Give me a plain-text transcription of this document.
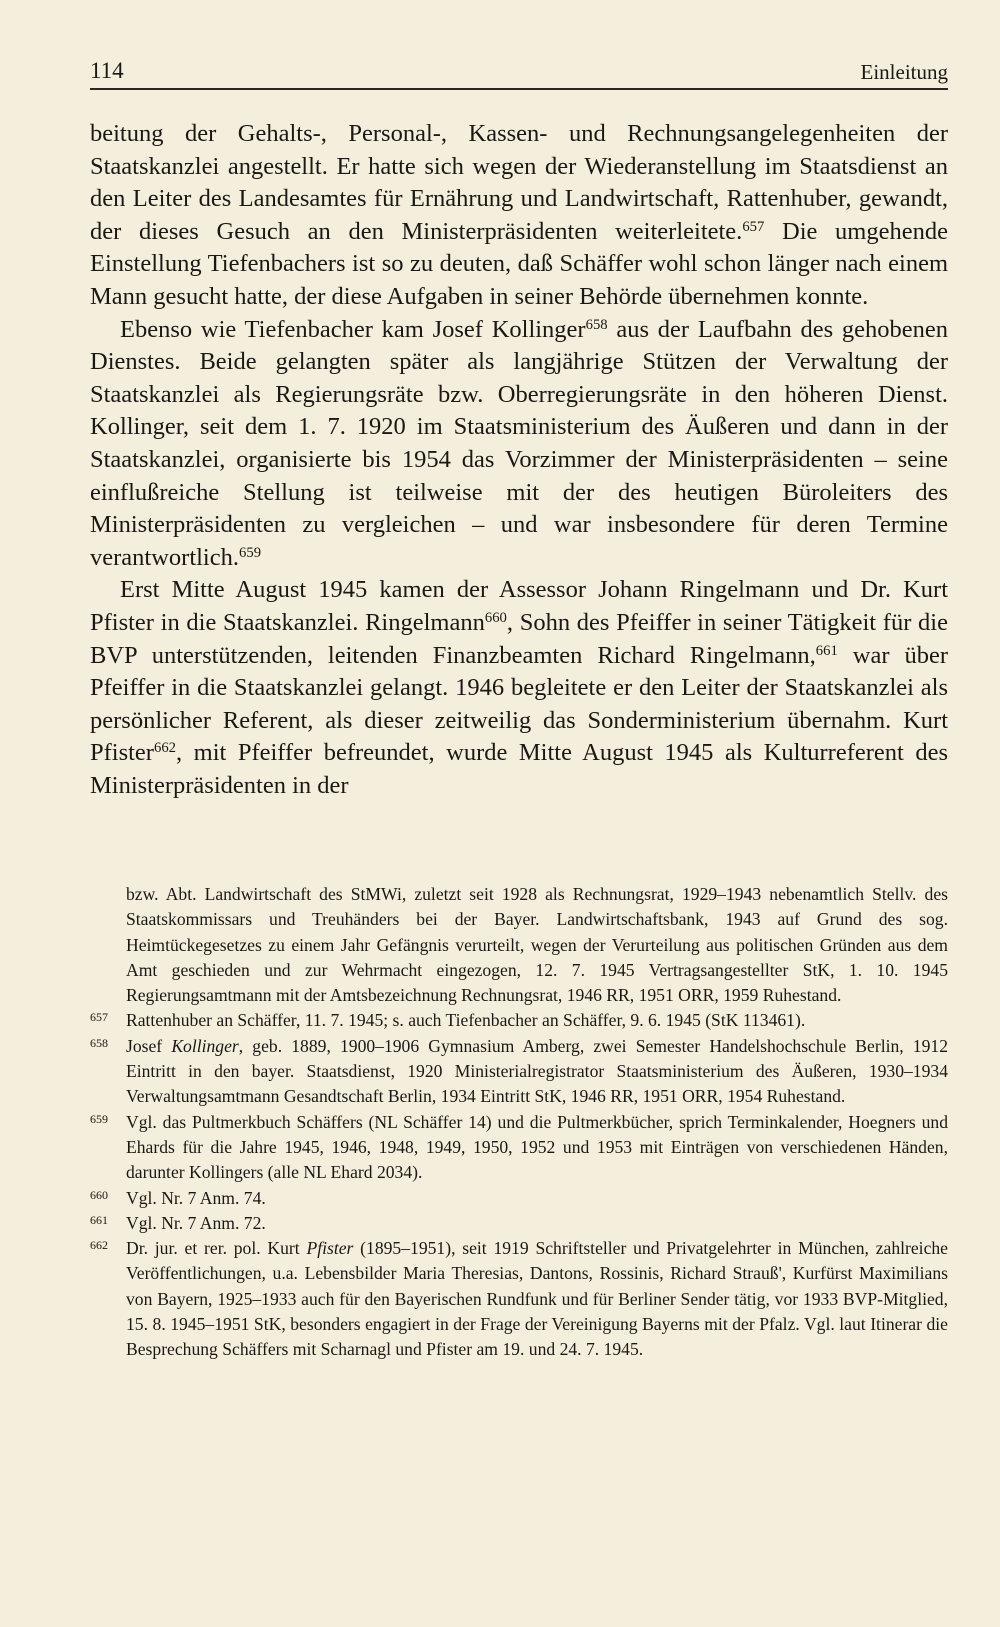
114	Einleitung

beitung der Gehalts-, Personal-, Kassen- und Rechnungsangelegenheiten der Staatskanzlei angestellt. Er hatte sich wegen der Wiederanstellung im Staatsdienst an den Leiter des Landesamtes für Ernährung und Landwirtschaft, Rattenhuber, gewandt, der dieses Gesuch an den Ministerpräsidenten weiterleitete.$^{657}$ Die umgehende Einstellung Tiefenbachers ist so zu deuten, daß Schäffer wohl schon länger nach einem Mann gesucht hatte, der diese Aufgaben in seiner Behörde übernehmen konnte.

Ebenso wie Tiefenbacher kam Josef Kollinger$^{658}$ aus der Laufbahn des gehobenen Dienstes. Beide gelangten später als langjährige Stützen der Verwaltung der Staatskanzlei als Regierungsräte bzw. Oberregierungsräte in den höheren Dienst. Kollinger, seit dem 1. 7. 1920 im Staatsministerium des Äußeren und dann in der Staatskanzlei, organisierte bis 1954 das Vorzimmer der Ministerpräsidenten – seine einflußreiche Stellung ist teilweise mit der des heutigen Büroleiters des Ministerpräsidenten zu vergleichen – und war insbesondere für deren Termine verantwortlich.$^{659}$

Erst Mitte August 1945 kamen der Assessor Johann Ringelmann und Dr. Kurt Pfister in die Staatskanzlei. Ringelmann$^{660}$, Sohn des Pfeiffer in seiner Tätigkeit für die BVP unterstützenden, leitenden Finanzbeamten Richard Ringelmann,$^{661}$ war über Pfeiffer in die Staatskanzlei gelangt. 1946 begleitete er den Leiter der Staatskanzlei als persönlicher Referent, als dieser zeitweilig das Sonderministerium übernahm. Kurt Pfister$^{662}$, mit Pfeiffer befreundet, wurde Mitte August 1945 als Kulturreferent des Ministerpräsidenten in der

bzw. Abt. Landwirtschaft des StMWi, zuletzt seit 1928 als Rechnungsrat, 1929–1943 nebenamtlich Stellv. des Staatskommissars und Treuhänders bei der Bayer. Landwirtschaftsbank, 1943 auf Grund des sog. Heimtückegesetzes zu einem Jahr Gefängnis verurteilt, wegen der Verurteilung aus politischen Gründen aus dem Amt geschieden und zur Wehrmacht eingezogen, 12. 7. 1945 Vertragsangestellter StK, 1. 10. 1945 Regierungsamtmann mit der Amtsbezeichnung Rechnungsrat, 1946 RR, 1951 ORR, 1959 Ruhestand.

657 Rattenhuber an Schäffer, 11. 7. 1945; s. auch Tiefenbacher an Schäffer, 9. 6. 1945 (StK 113461).

658 Josef Kollinger, geb. 1889, 1900–1906 Gymnasium Amberg, zwei Semester Handelshochschule Berlin, 1912 Eintritt in den bayer. Staatsdienst, 1920 Ministerialregistrator Staatsministerium des Äußeren, 1930–1934 Verwaltungsamtmann Gesandtschaft Berlin, 1934 Eintritt StK, 1946 RR, 1951 ORR, 1954 Ruhestand.

659 Vgl. das Pultmerkbuch Schäffers (NL Schäffer 14) und die Pultmerkbücher, sprich Terminkalender, Hoegners und Ehards für die Jahre 1945, 1946, 1948, 1949, 1950, 1952 und 1953 mit Einträgen von verschiedenen Händen, darunter Kollingers (alle NL Ehard 2034).

660 Vgl. Nr. 7 Anm. 74.

661 Vgl. Nr. 7 Anm. 72.

662 Dr. jur. et rer. pol. Kurt Pfister (1895–1951), seit 1919 Schriftsteller und Privatgelehrter in München, zahlreiche Veröffentlichungen, u.a. Lebensbilder Maria Theresias, Dantons, Rossinis, Richard Strauß', Kurfürst Maximilians von Bayern, 1925–1933 auch für den Bayerischen Rundfunk und für Berliner Sender tätig, vor 1933 BVP-Mitglied, 15. 8. 1945–1951 StK, besonders engagiert in der Frage der Vereinigung Bayerns mit der Pfalz. Vgl. laut Itinerar die Besprechung Schäffers mit Scharnagl und Pfister am 19. und 24. 7. 1945.
